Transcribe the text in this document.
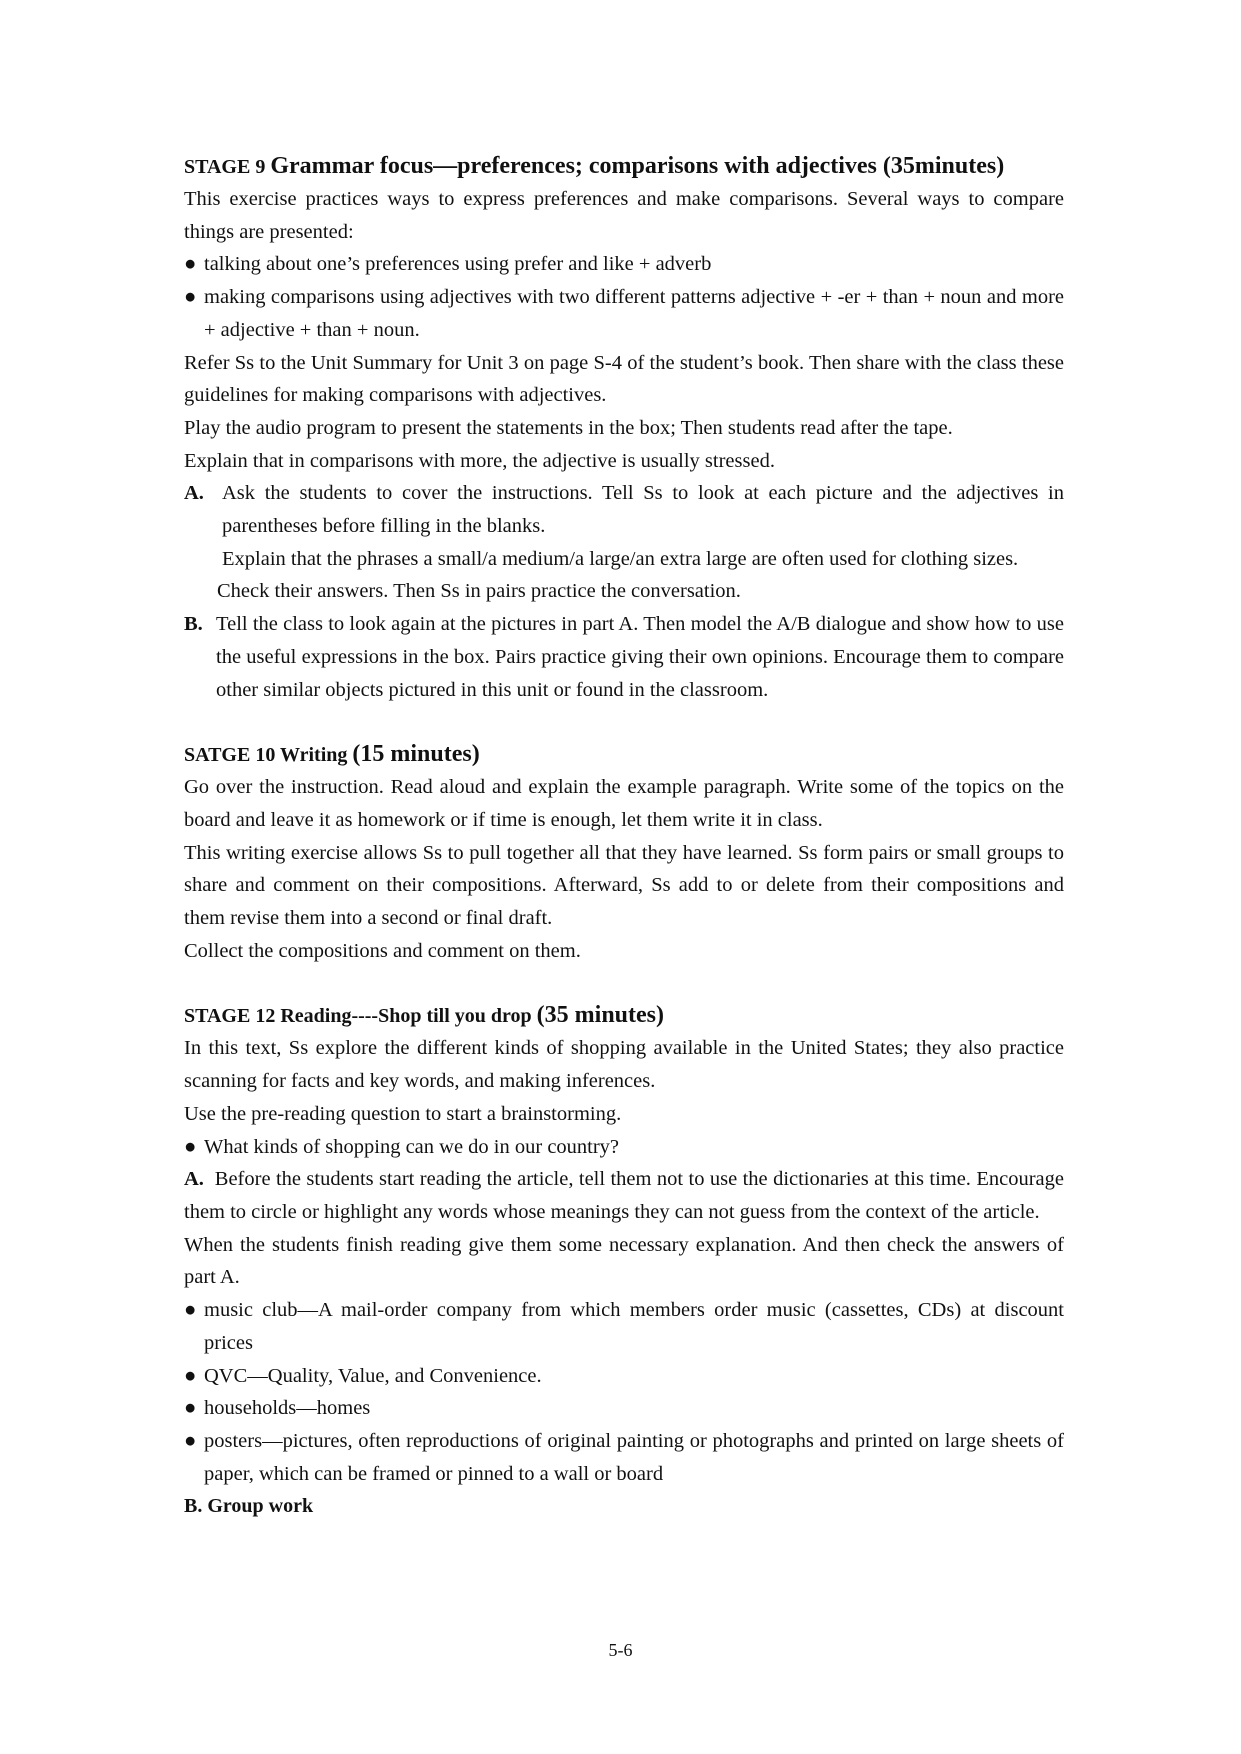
STAGE 9 Grammar focus—preferences; comparisons with adjectives (35minutes)

This exercise practices ways to express preferences and make comparisons. Several ways to compare things are presented:

● talking about one’s preferences using prefer and like + adverb
● making comparisons using adjectives with two different patterns adjective + -er + than + noun and more + adjective + than + noun.

Refer Ss to the Unit Summary for Unit 3 on page S-4 of the student’s book. Then share with the class these guidelines for making comparisons with adjectives.

Play the audio program to present the statements in the box; Then students read after the tape.

Explain that in comparisons with more, the adjective is usually stressed.

A. Ask the students to cover the instructions. Tell Ss to look at each picture and the adjectives in parentheses before filling in the blanks.

Explain that the phrases a small/a medium/a large/an extra large are often used for clothing sizes.

Check their answers. Then Ss in pairs practice the conversation.

B. Tell the class to look again at the pictures in part A. Then model the A/B dialogue and show how to use the useful expressions in the box. Pairs practice giving their own opinions. Encourage them to compare other similar objects pictured in this unit or found in the classroom.

SATGE 10 Writing (15 minutes)

Go over the instruction. Read aloud and explain the example paragraph. Write some of the topics on the board and leave it as homework or if time is enough, let them write it in class.

This writing exercise allows Ss to pull together all that they have learned. Ss form pairs or small groups to share and comment on their compositions. Afterward, Ss add to or delete from their compositions and them revise them into a second or final draft.

Collect the compositions and comment on them.

STAGE 12 Reading----Shop till you drop (35 minutes)

In this text, Ss explore the different kinds of shopping available in the United States; they also practice scanning for facts and key words, and making inferences.

Use the pre-reading question to start a brainstorming.

● What kinds of shopping can we do in our country?

A. Before the students start reading the article, tell them not to use the dictionaries at this time. Encourage them to circle or highlight any words whose meanings they can not guess from the context of the article.

When the students finish reading give them some necessary explanation. And then check the answers of part A.

● music club—A mail-order company from which members order music (cassettes, CDs) at discount prices
● QVC—Quality, Value, and Convenience.
● households—homes
● posters—pictures, often reproductions of original painting or photographs and printed on large sheets of paper, which can be framed or pinned to a wall or board

B. Group work

5-6
